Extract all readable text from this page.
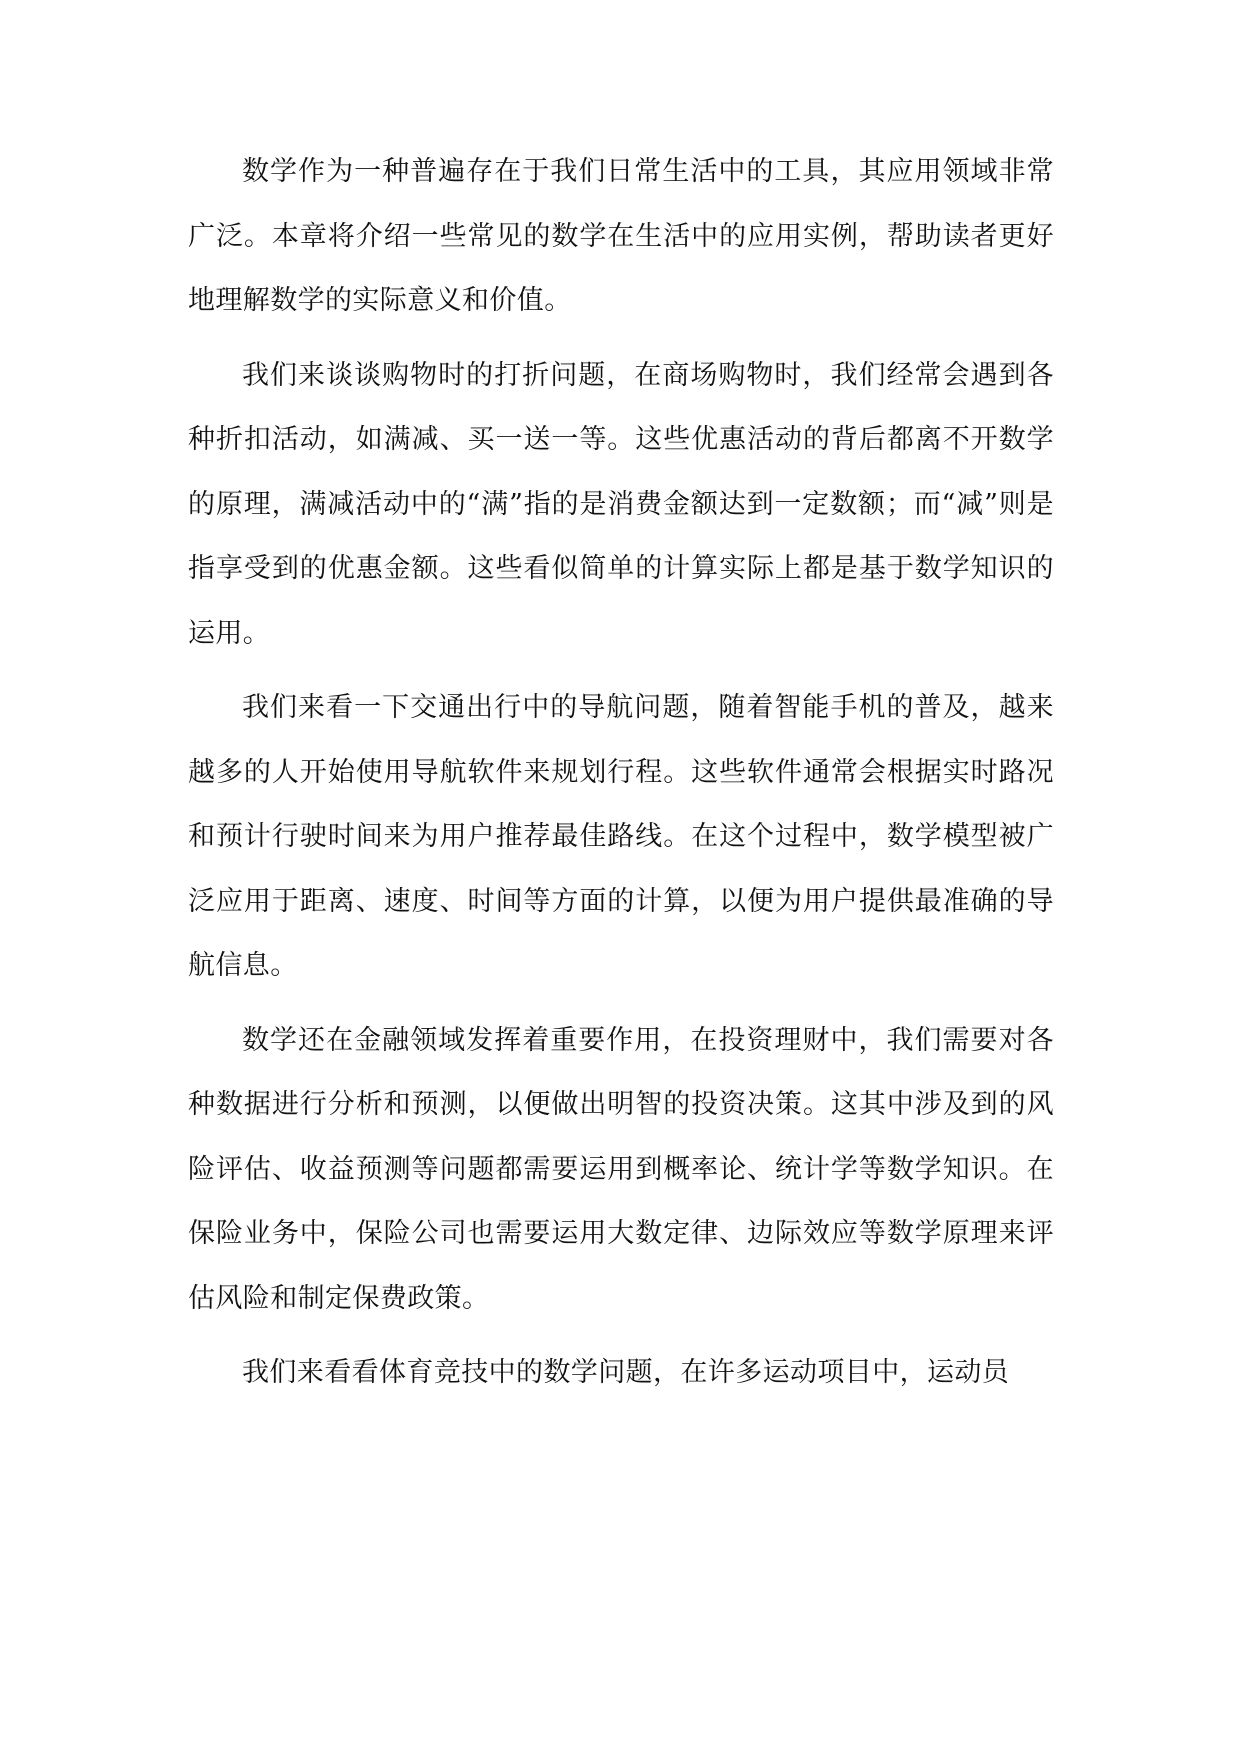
数学作为一种普遍存在于我们日常生活中的工具，其应用领域非常广泛。本章将介绍一些常见的数学在生活中的应用实例，帮助读者更好地理解数学的实际意义和价值。

我们来谈谈购物时的打折问题，在商场购物时，我们经常会遇到各种折扣活动，如满减、买一送一等。这些优惠活动的背后都离不开数学的原理，满减活动中的“满”指的是消费金额达到一定数额；而“减”则是指享受到的优惠金额。这些看似简单的计算实际上都是基于数学知识的运用。

我们来看一下交通出行中的导航问题，随着智能手机的普及，越来越多的人开始使用导航软件来规划行程。这些软件通常会根据实时路况和预计行驶时间来为用户推荐最佳路线。在这个过程中，数学模型被广泛应用于距离、速度、时间等方面的计算，以便为用户提供最准确的导航信息。

数学还在金融领域发挥着重要作用，在投资理财中，我们需要对各种数据进行分析和预测，以便做出明智的投资决策。这其中涉及到的风险评估、收益预测等问题都需要运用到概率论、统计学等数学知识。在保险业务中，保险公司也需要运用大数定律、边际效应等数学原理来评估风险和制定保费政策。

我们来看看体育竞技中的数学问题，在许多运动项目中，运动员
